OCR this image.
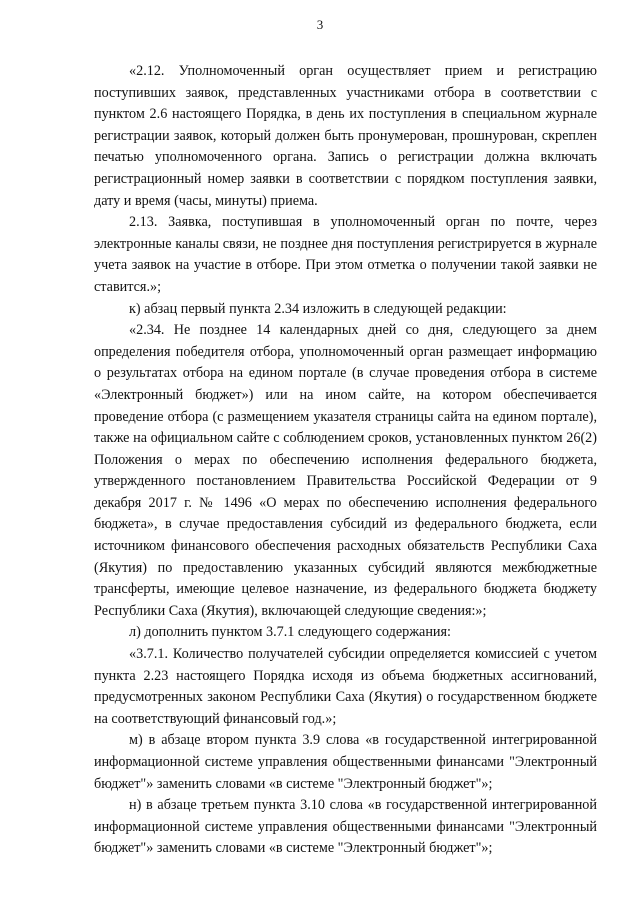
3

«2.12. Уполномоченный орган осуществляет прием и регистрацию поступивших заявок, представленных участниками отбора в соответствии с пунктом 2.6 настоящего Порядка, в день их поступления в специальном журнале регистрации заявок, который должен быть пронумерован, прошнурован, скреплен печатью уполномоченного органа. Запись о регистрации должна включать регистрационный номер заявки в соответствии с порядком поступления заявки, дату и время (часы, минуты) приема.

2.13. Заявка, поступившая в уполномоченный орган по почте, через электронные каналы связи, не позднее дня поступления регистрируется в журнале учета заявок на участие в отборе. При этом отметка о получении такой заявки не ставится.»;

к) абзац первый пункта 2.34 изложить в следующей редакции:

«2.34. Не позднее 14 календарных дней со дня, следующего за днем определения победителя отбора, уполномоченный орган размещает информацию о результатах отбора на едином портале (в случае проведения отбора в системе «Электронный бюджет») или на ином сайте, на котором обеспечивается проведение отбора (с размещением указателя страницы сайта на едином портале), также на официальном сайте с соблюдением сроков, установленных пунктом 26(2) Положения о мерах по обеспечению исполнения федерального бюджета, утвержденного постановлением Правительства Российской Федерации от 9 декабря 2017 г. № 1496 «О мерах по обеспечению исполнения федерального бюджета», в случае предоставления субсидий из федерального бюджета, если источником финансового обеспечения расходных обязательств Республики Саха (Якутия) по предоставлению указанных субсидий являются межбюджетные трансферты, имеющие целевое назначение, из федерального бюджета бюджету Республики Саха (Якутия), включающей следующие сведения:»;

л) дополнить пунктом 3.7.1 следующего содержания:

«3.7.1. Количество получателей субсидии определяется комиссией с учетом пункта 2.23 настоящего Порядка исходя из объема бюджетных ассигнований, предусмотренных законом Республики Саха (Якутия) о государственном бюджете на соответствующий финансовый год.»;

м) в абзаце втором пункта 3.9 слова «в государственной интегрированной информационной системе управления общественными финансами "Электронный бюджет"» заменить словами «в системе "Электронный бюджет"»;

н) в абзаце третьем пункта 3.10 слова «в государственной интегрированной информационной системе управления общественными финансами "Электронный бюджет"» заменить словами «в системе "Электронный бюджет"»;
